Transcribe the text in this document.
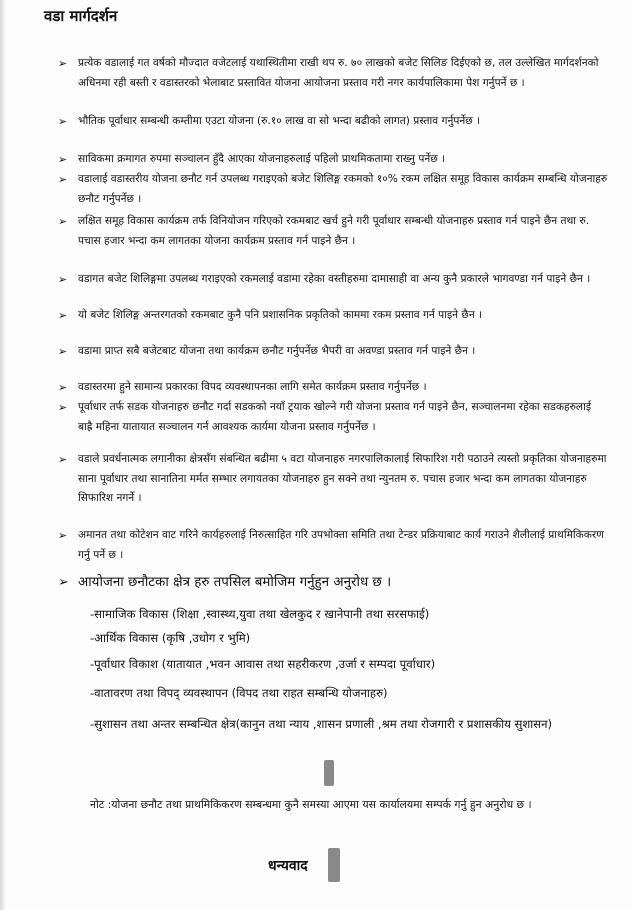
वडा मार्गदर्शन
➢ प्रत्येक वडालाई गत वर्षको मौज्दात वजेटलाई यथास्थितीमा राखी थप रु. ७० लाखको बजेट सिलिङ दिईएको छ, तल उल्लेखित मार्गदर्शनको अधिनमा रही बस्ती र वडास्तरको भेलाबाट प्रस्तावित योजना आयोजना प्रस्ताव गरी नगर कार्यपालिकामा पेश गर्नुपर्ने छ ।
➢ भौतिक पूर्वाधार सम्बन्धी कम्तीमा एउटा योजना (रु.१० लाख वा सो भन्दा बढीको लागत) प्रस्ताव गर्नुपर्नेछ ।
➢ साविकमा क्रमागत रुपमा सञ्चालन हुँदै आएका योजनाहरुलाई पहिलो प्राथमिकतामा राख्नु पर्नेछ ।
➢ वडालाई वडास्तरीय योजना छनौट गर्न उपलब्ध गराइएको बजेट शिलिङ्ग रकमको १०% रकम लक्षित समूह विकास कार्यक्रम सम्बन्धि योजनाहरु छनौट गर्नुपर्नेछ ।
➢ लक्षित समूह विकास कार्यक्रम तर्फ विनियोजन गरिएको रकमबाट खर्च हुने गरी पूर्वाधार सम्बन्धी योजनाहरु प्रस्ताव गर्न पाइने छैन तथा रु. पचास हजार भन्दा कम लागतका योजना कार्यक्रम प्रस्ताव गर्न पाइने छैन ।
➢ वडागत बजेट शिलिङ्गमा उपलब्ध गराइएको रकमलाई वडामा रहेका वस्तीहरुमा दामासाही वा अन्य कुनै प्रकारले भागवण्डा गर्न पाइने छैन ।
➢ यो बजेट शिलिङ्ग अन्तरगतको रकमबाट कुनै पनि प्रशासनिक प्रकृतिको काममा रकम प्रस्ताव गर्न पाइने छैन ।
➢ वडामा प्राप्त सबै बजेटबाट योजना तथा कार्यक्रम छनौट गर्नुपर्नेछ भैपरी वा अवण्डा प्रस्ताव गर्न पाइने छैन ।
➢ वडास्तरमा हुने सामान्य प्रकारका विपद व्यवस्थापनका लागि समेत कार्यक्रम प्रस्ताव गर्नुपर्नेछ ।
➢ पूर्वाधार तर्फ सडक योजनाहरु छनौट गर्दा सडकको नयाँ ट्रयाक खोल्ने गरी योजना प्रस्ताव गर्न पाइने छैन, सञ्चालनमा रहेका सडकहरुलाई बाह्रै महिना यातायात सञ्चालन गर्न आवश्यक कार्यमा योजना प्रस्ताव गर्नुपर्नेछ ।
➢ वडाले प्रवर्धनात्मक लगानीका क्षेत्रसँग संबन्धित बढीमा ५ वटा योजनाहरु नगरपालिकालाई सिफारिश गरी पठाउने त्यस्तो प्रकृतिका योजनाहरुमा साना पूर्वाधार तथा सानातिना मर्मत सम्भार लगायतका योजनाहरु हुन सक्ने तथा न्युनतम रु. पचास हजार भन्दा कम लागतका योजनाहरु सिफारिश नगर्ने ।
➢ अमानत तथा कोटेशन वाट गरिने कार्यहरुलाई निरुत्साहित गरि उपभोक्ता समिति तथा टेन्डर प्रक्रियाबाट कार्य गराउने शैलीलाई प्राथमिकिकरण गर्नु पर्ने छ ।
➢ आयोजना छनौटका क्षेत्र हरु तपसिल बमोजिम गर्नुहुन अनुरोध छ ।
-सामाजिक विकास (शिक्षा ,स्वास्थ्य,युवा तथा खेलकुद र खानेपानी तथा सरसफाई)
-आर्थिक विकास (कृषि ,उधोग र भुमि)
-पूर्वाधार विकाश (यातायात ,भवन आवास तथा सहरीकरण ,उर्जा र सम्पदा पूर्वाधार)
-वातावरण तथा विपद् व्यवस्थापन (विपद तथा राहत सम्बन्धि योजनाहरु)
-सुशासन तथा अन्तर सम्बन्धित क्षेत्र(कानुन तथा न्याय ,शासन प्रणाली ,श्रम तथा रोजगारी र प्रशासकीय सुशासन)
नोट :योजना छनौट तथा प्राथमिकिकरण सम्बन्धमा कुनै समस्या आएमा यस कार्यालयमा सम्पर्क गर्नु हुन अनुरोध छ ।
धन्यवाद
